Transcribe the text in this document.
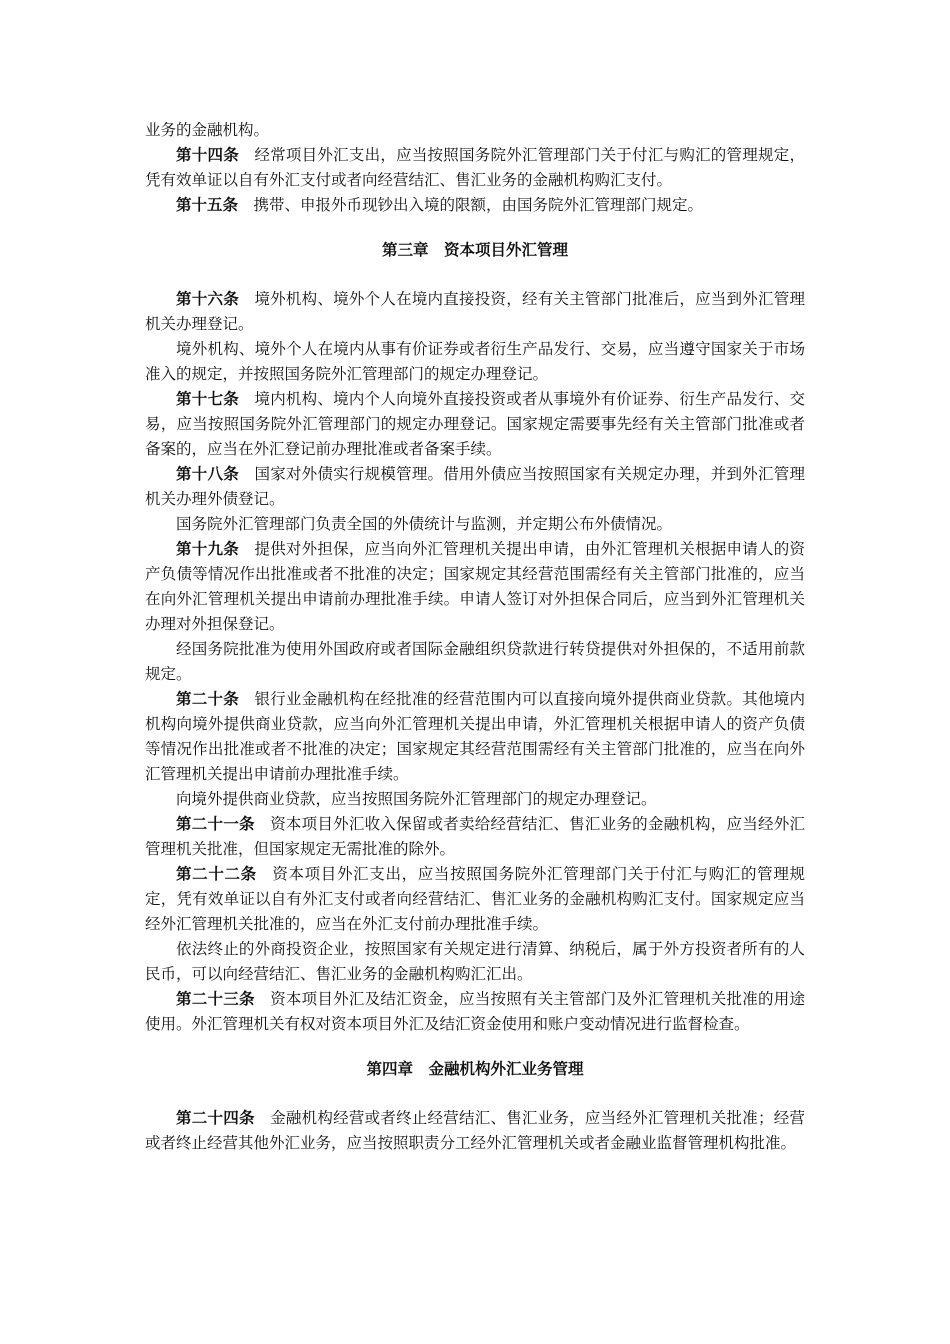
业务的金融机构。

第十四条 经常项目外汇支出，应当按照国务院外汇管理部门关于付汇与购汇的管理规定，凭有效单证以自有外汇支付或者向经营结汇、售汇业务的金融机构购汇支付。

第十五条 携带、申报外币现钞出入境的限额，由国务院外汇管理部门规定。

第三章　资本项目外汇管理

第十六条 境外机构、境外个人在境内直接投资，经有关主管部门批准后，应当到外汇管理机关办理登记。

境外机构、境外个人在境内从事有价证券或者衍生产品发行、交易，应当遵守国家关于市场准入的规定，并按照国务院外汇管理部门的规定办理登记。

第十七条 境内机构、境内个人向境外直接投资或者从事境外有价证券、衍生产品发行、交易，应当按照国务院外汇管理部门的规定办理登记。国家规定需要事先经有关主管部门批准或者备案的，应当在外汇登记前办理批准或者备案手续。

第十八条 国家对外债实行规模管理。借用外债应当按照国家有关规定办理，并到外汇管理机关办理外债登记。

国务院外汇管理部门负责全国的外债统计与监测，并定期公布外债情况。

第十九条 提供对外担保，应当向外汇管理机关提出申请，由外汇管理机关根据申请人的资产负债等情况作出批准或者不批准的决定；国家规定其经营范围需经有关主管部门批准的，应当在向外汇管理机关提出申请前办理批准手续。申请人签订对外担保合同后，应当到外汇管理机关办理对外担保登记。

经国务院批准为使用外国政府或者国际金融组织贷款进行转贷提供对外担保的，不适用前款规定。

第二十条 银行业金融机构在经批准的经营范围内可以直接向境外提供商业贷款。其他境内机构向境外提供商业贷款，应当向外汇管理机关提出申请，外汇管理机关根据申请人的资产负债等情况作出批准或者不批准的决定；国家规定其经营范围需经有关主管部门批准的，应当在向外汇管理机关提出申请前办理批准手续。

向境外提供商业贷款，应当按照国务院外汇管理部门的规定办理登记。

第二十一条 资本项目外汇收入保留或者卖给经营结汇、售汇业务的金融机构，应当经外汇管理机关批准，但国家规定无需批准的除外。

第二十二条 资本项目外汇支出，应当按照国务院外汇管理部门关于付汇与购汇的管理规定，凭有效单证以自有外汇支付或者向经营结汇、售汇业务的金融机构购汇支付。国家规定应当经外汇管理机关批准的，应当在外汇支付前办理批准手续。

依法终止的外商投资企业，按照国家有关规定进行清算、纳税后，属于外方投资者所有的人民币，可以向经营结汇、售汇业务的金融机构购汇汇出。

第二十三条 资本项目外汇及结汇资金，应当按照有关主管部门及外汇管理机关批准的用途使用。外汇管理机关有权对资本项目外汇及结汇资金使用和账户变动情况进行监督检查。

第四章　金融机构外汇业务管理

第二十四条 金融机构经营或者终止经营结汇、售汇业务，应当经外汇管理机关批准；经营或者终止经营其他外汇业务，应当按照职责分工经外汇管理机关或者金融业监督管理机构批准。
